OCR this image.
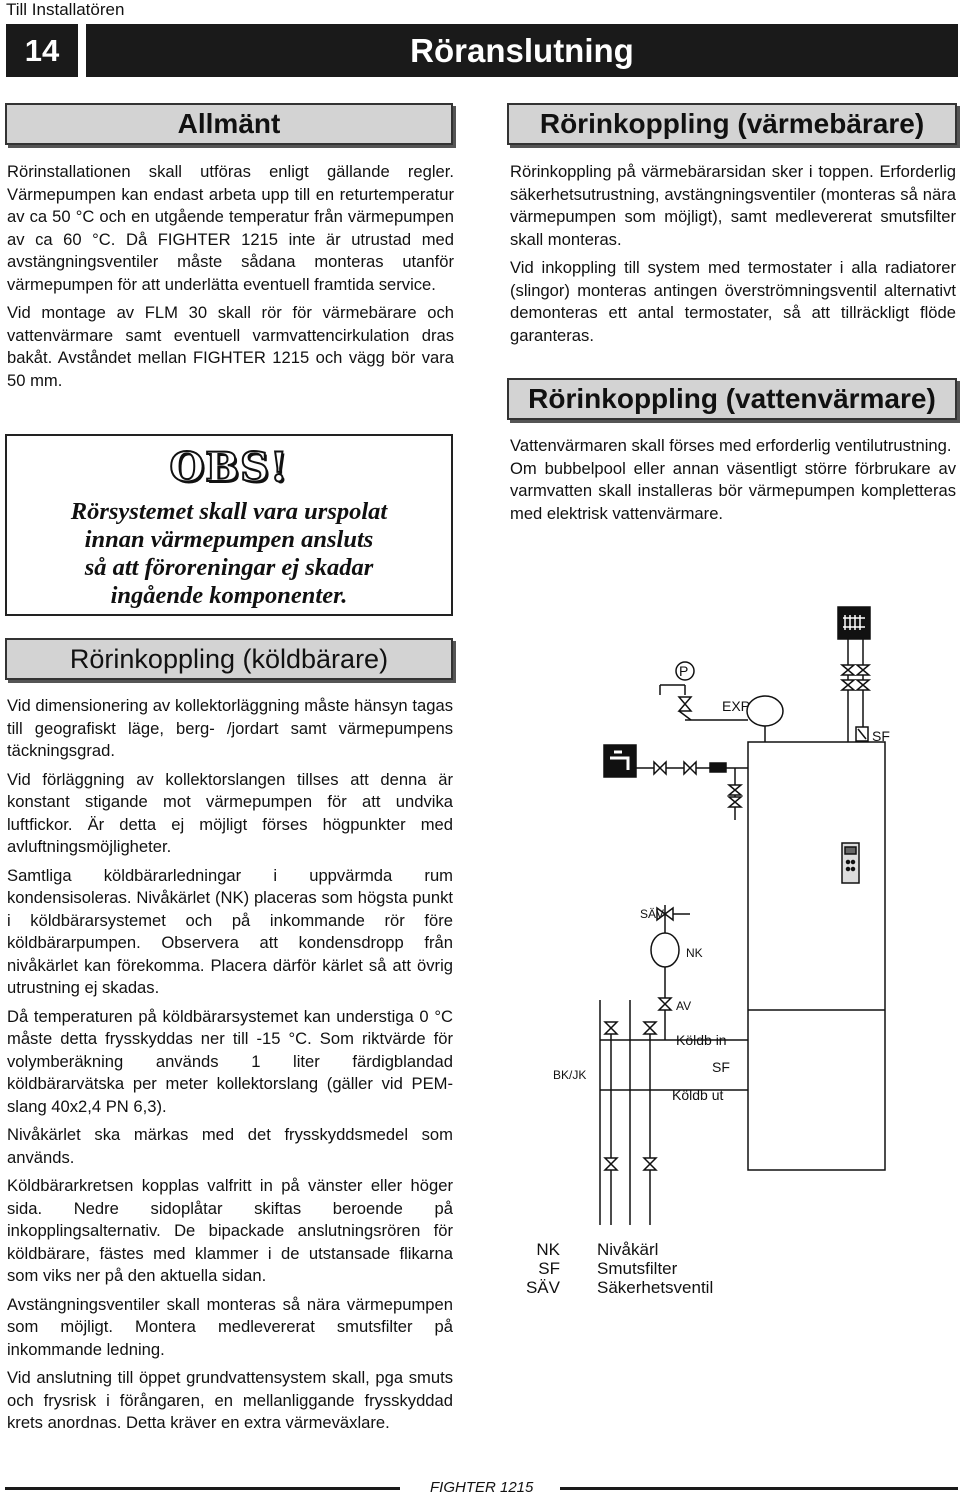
Till Installatören
14	Röranslutning
Allmänt

Rörinstallationen skall utföras enligt gällande regler. Värmepumpen kan endast arbeta upp till en returtemperatur av ca 50 °C och en utgående temperatur från värmepumpen av ca 60 °C. Då FIGHTER 1215 inte är utrustad med avstängningsventiler måste sådana monteras utanför värmepumpen för att underlätta eventuell framtida service.

Vid montage av FLM 30 skall rör för värmebärare och vattenvärmare samt eventuell varmvattencirkulation dras bakåt. Avståndet mellan FIGHTER 1215 och vägg bör vara 50 mm.

OBS!
Rörsystemet skall vara urspolat
innan värmepumpen ansluts
så att föroreningar ej skadar
ingående komponenter.
Rörinkoppling (köldbärare)

Vid dimensionering av kollektorläggning måste hänsyn tagas till geografiskt läge, berg- /jordart samt värmepumpens täckningsgrad.

Vid förläggning av kollektorslangen tillses att denna är konstant stigande mot värmepumpen för att undvika luftfickor. Är detta ej möjligt förses högpunkter med avluftningsmöjligheter.

Samtliga köldbärarledningar i uppvärmda rum kondensisoleras. Nivåkärlet (NK) placeras som högsta punkt i köldbärarsystemet och på inkommande rör före köldbärarpumpen. Observera att kondensdropp från nivåkärlet kan förekomma. Placera därför kärlet så att övrig utrustning ej skadas.

Då temperaturen på köldbärarsystemet kan understiga 0 °C måste detta frysskyddas ner till -15 °C. Som riktvärde för volymberäkning används 1 liter färdigblandad köldbärarvätska per meter kollektorslang (gäller vid PEM-slang 40x2,4 PN 6,3).

Nivåkärlet ska märkas med det frysskyddsmedel som används.

Köldbärarkretsen kopplas valfritt in på vänster eller höger sida. Nedre sidoplåtar skiftas beroende på inkopplingsalternativ. De bipackade anslutningsrören för köldbärare, fästes med klammer i de utstansade flikarna som viks ner på den aktuella sidan.

Avstängningsventiler skall monteras så nära värmepumpen som möjligt. Montera medlevererat smutsfilter på inkommande ledning.

Vid anslutning till öppet grundvattensystem skall, pga smuts och frysrisk i förångaren, en mellanliggande frysskyddad krets anordnas. Detta kräver en extra värmeväxlare.

Rörinkoppling (värmebärare)

Rörinkoppling på värmebärarsidan sker i toppen. Erforderlig säkerhetsutrustning, avstängningsventiler (monteras så nära värmepumpen som möjligt), samt medlevererat smutsfilter skall monteras.

Vid inkoppling till system med termostater i alla radiatorer (slingor) monteras antingen överströmningsventil alternativt demonteras ett antal termostater, så att tillräckligt flöde garanteras.

Rörinkoppling (vattenvärmare)

Vattenvärmaren skall förses med erforderlig ventilutrustning.

Om bubbelpool eller annan väsentligt större förbrukare av varmvatten skall installeras bör värmepumpen kompletteras med elektrisk vattenvärmare.

P
EXP
SF
SÄV
NK
AV
Köldb in
SF
Köldb ut
BK/JK
NK Nivåkärl
SF Smutsfilter
SÄV Säkerhetsventil
FIGHTER 1215
